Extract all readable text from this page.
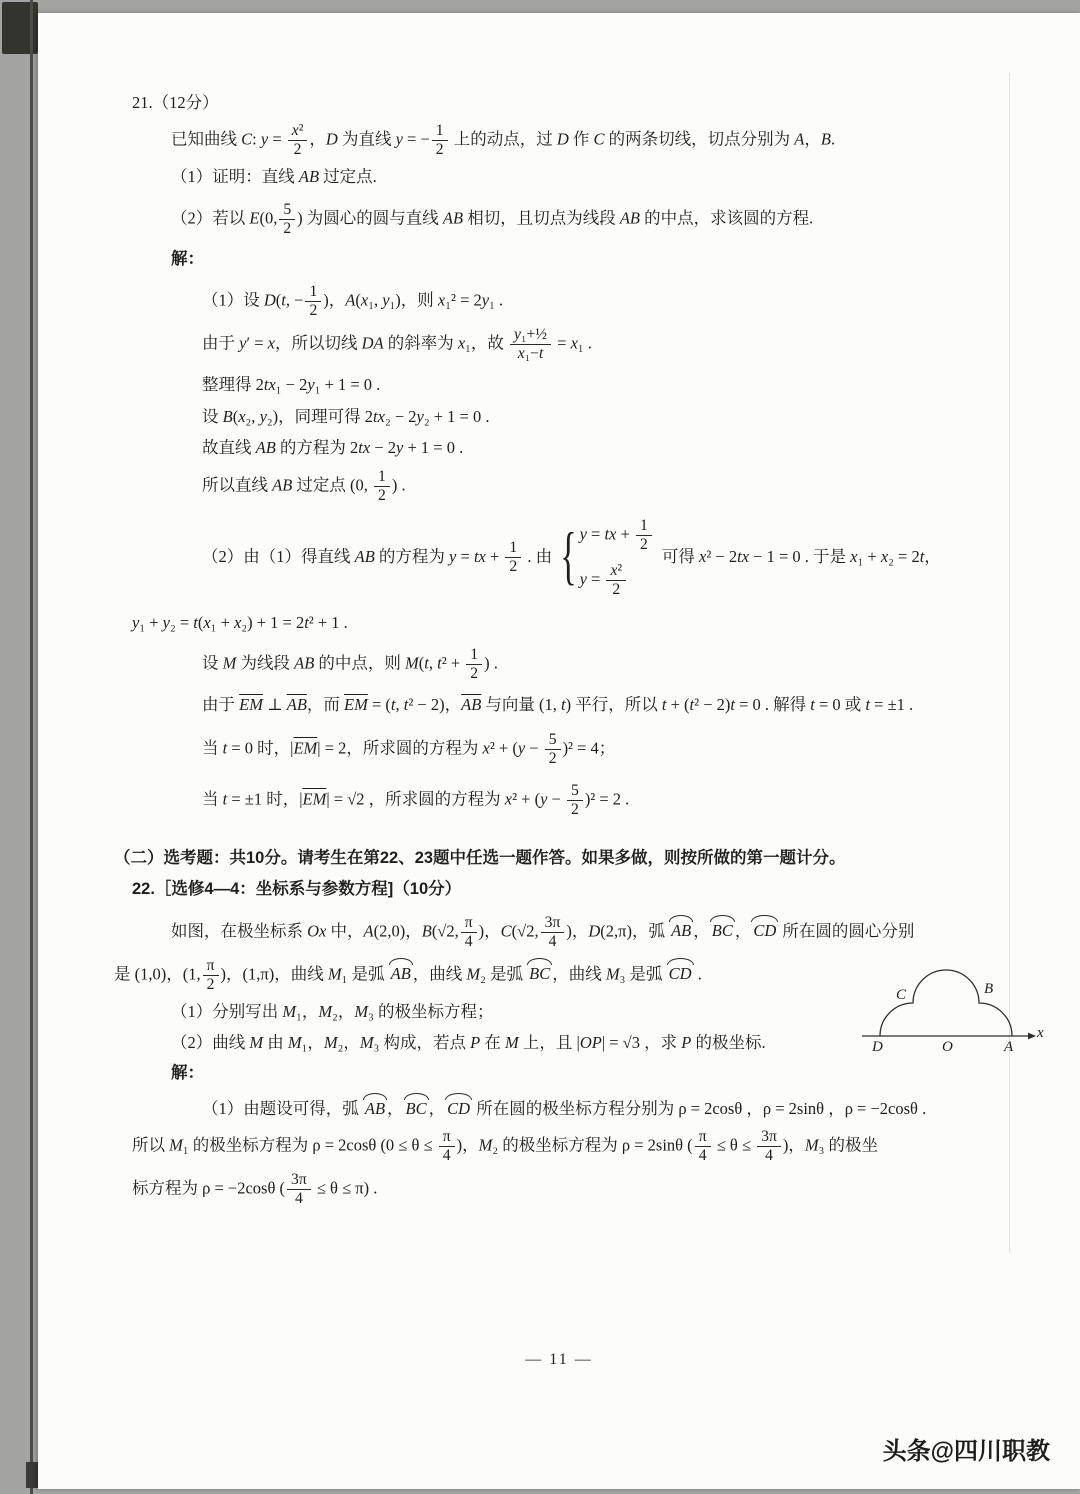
21.（12分）
已知曲线 C: $y = \frac{\text{x²}}{2}$ ，D 为直线 y = − $\frac{1}{2}$ 上的动点，过 D 作 C 的两条切线，切点分别为 A，B.
（1）证明：直线 AB 过定点.
（2）若以 E(0, $\frac{5}{2}$ ) 为圆心的圆与直线 AB 相切，且切点为线段 AB 的中点，求该圆的方程.
解：
（1）设 D(t, − $\frac{1}{2}$ )，A(x₁, y₁)，则 x₁² = 2y₁ .
由于 y′ = x，所以切线 DA 的斜率为 x₁，故 $\frac{\text{y₁+½}}{\text{x₁−t}} = x_1$ .
整理得 2tx₁ − 2y₁ + 1 = 0 .
设 B(x₂, y₂)，同理可得 2tx₂ − 2y₂ + 1 = 0 .
故直线 AB 的方程为 2tx − 2y + 1 = 0 .
所以直线 AB 过定点 (0, $\frac{1}{2}$ ) .
（2）由（1）得直线 AB 的方程为 y = tx + $\frac{1}{2}$ . 由 { y = tx + $\frac{1}{2}$
$y = \frac{\text{x²}}{2}$
可得 x² − 2tx − 1 = 0 . 于是 x₁ + x₂ = 2t，
y₁ + y₂ = t(x₁ + x₂) + 1 = 2t² + 1 .
设 M 为线段 AB 的中点，则 M(t, $t^2 + \frac{1}{2}$ ) .
由于 $\overline{EM}$ ⊥ $\overline{AB}$，而 $\overline{EM} = (t$, t² − 2)，$\overline{AB}$ 与向量 (1, t) 平行，所以 t + (t² − 2)t = 0 . 解得 t = 0 或 t = ±1 .
当 t = 0 时，$|\overline{EM}| = 2$，所求圆的方程为 $x^2 + (y - \frac{5}{2} )^2 = 4$；
当 t = ±1 时，$|\overline{EM}| = √2$ ，所求圆的方程为 $x^2 + (y - \frac{5}{2} )^2 = 2$ .
（二）选考题：共10分。请考生在第22、23题中任选一题作答。如果多做，则按所做的第一题计分。
22.［选修4—4：坐标系与参数方程]（10分）
如图，在极坐标系 Ox 中，A(2,0)，B(√2, $\frac{\pi}{4}$ )，C(√2, $\frac{3\pi}{4}$ )，D(2,π)，弧 AB ， BC ， CD 所在圆的圆心分别
是 (1,0)，(1, $\frac{\pi}{2}$ )，(1,π)，曲线 M₁ 是弧 AB ，曲线 M₂ 是弧 BC ，曲线 M₃ 是弧 CD .
（1）分别写出 M₁，M₂，M₃ 的极坐标方程；
（2）曲线 M 由 M₁，M₂，M₃ 构成，若点 P 在 M 上，且 |OP| = √3 ，求 P 的极坐标.	D	O	A
x
C	B
解：
（1）由题设可得，弧 AB ， BC ， CD 所在圆的极坐标方程分别为 ρ = 2cosθ ，ρ = 2sinθ ，ρ = −2cosθ .
所以 M₁ 的极坐标方程为 ρ = 2cosθ ($0 \le \theta \le \frac{\pi}{4}$ )，M₂ 的极坐标方程为 ρ = 2sinθ ( $\frac{\pi}{4} \le \theta \le \frac{3\pi}{4}$ )，M₃ 的极坐
标方程为 ρ = −2cosθ ( $\frac{3\pi}{4} \le \theta \le \pi$) .
— 11 —
头条@四川职教
